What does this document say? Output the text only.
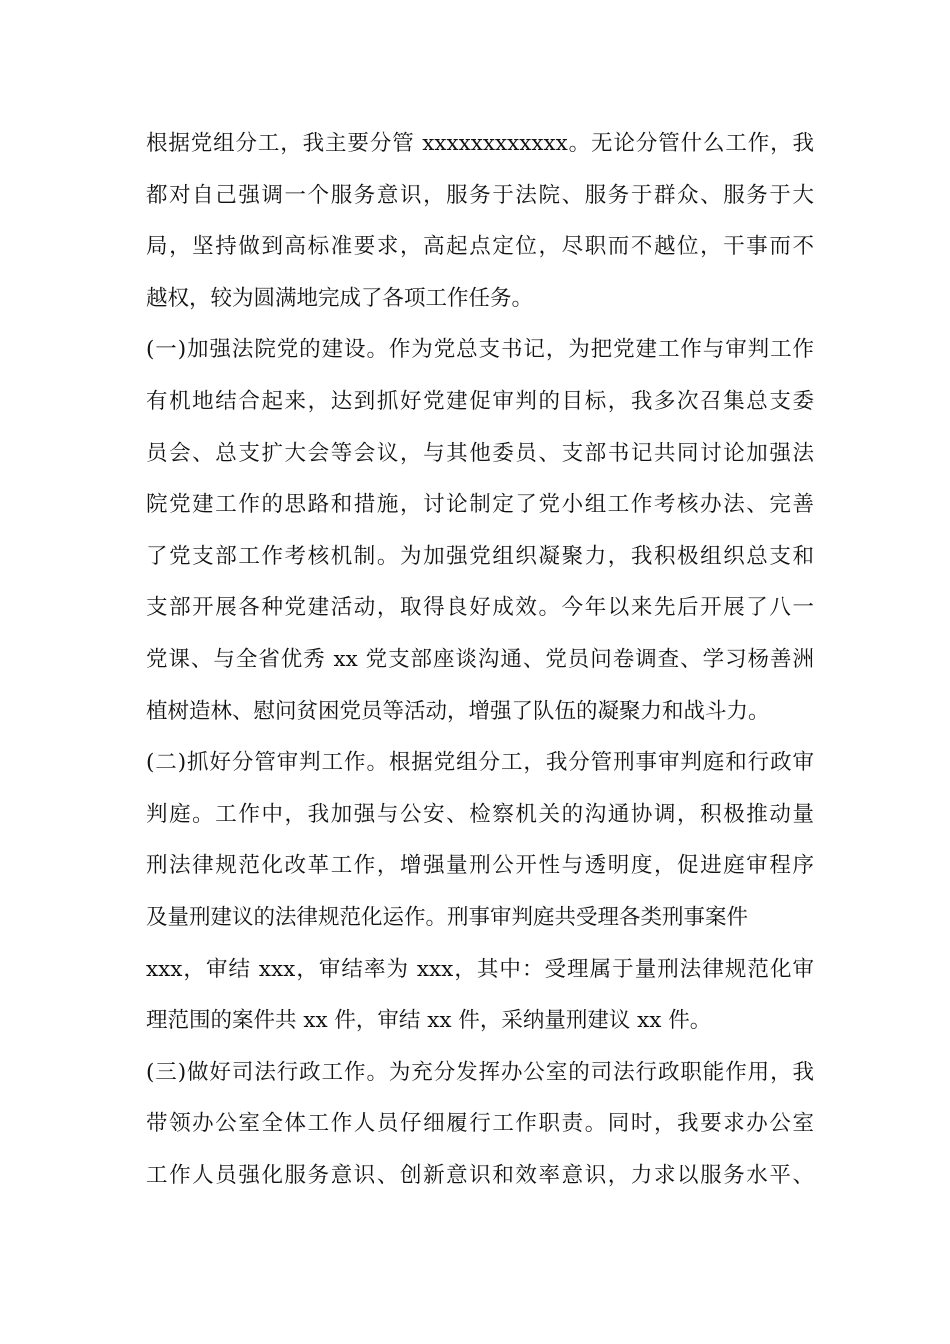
根据党组分工，我主要分管 xxxxxxxxxxxx。无论分管什么工作，我
都对自己强调一个服务意识，服务于法院、服务于群众、服务于大
局，坚持做到高标准要求，高起点定位，尽职而不越位，干事而不
越权，较为圆满地完成了各项工作任务。
(一)加强法院党的建设。作为党总支书记，为把党建工作与审判工作
有机地结合起来，达到抓好党建促审判的目标，我多次召集总支委
员会、总支扩大会等会议，与其他委员、支部书记共同讨论加强法
院党建工作的思路和措施，讨论制定了党小组工作考核办法、完善
了党支部工作考核机制。为加强党组织凝聚力，我积极组织总支和
支部开展各种党建活动，取得良好成效。今年以来先后开展了八一
党课、与全省优秀 xx 党支部座谈沟通、党员问卷调查、学习杨善洲
植树造林、慰问贫困党员等活动，增强了队伍的凝聚力和战斗力。
(二)抓好分管审判工作。根据党组分工，我分管刑事审判庭和行政审
判庭。工作中，我加强与公安、检察机关的沟通协调，积极推动量
刑法律规范化改革工作，增强量刑公开性与透明度，促进庭审程序
及量刑建议的法律规范化运作。刑事审判庭共受理各类刑事案件
xxx，审结 xxx，审结率为 xxx，其中：受理属于量刑法律规范化审
理范围的案件共 xx 件，审结 xx 件，采纳量刑建议 xx 件。
(三)做好司法行政工作。为充分发挥办公室的司法行政职能作用，我
带领办公室全体工作人员仔细履行工作职责。同时，我要求办公室
工作人员强化服务意识、创新意识和效率意识，力求以服务水平、
